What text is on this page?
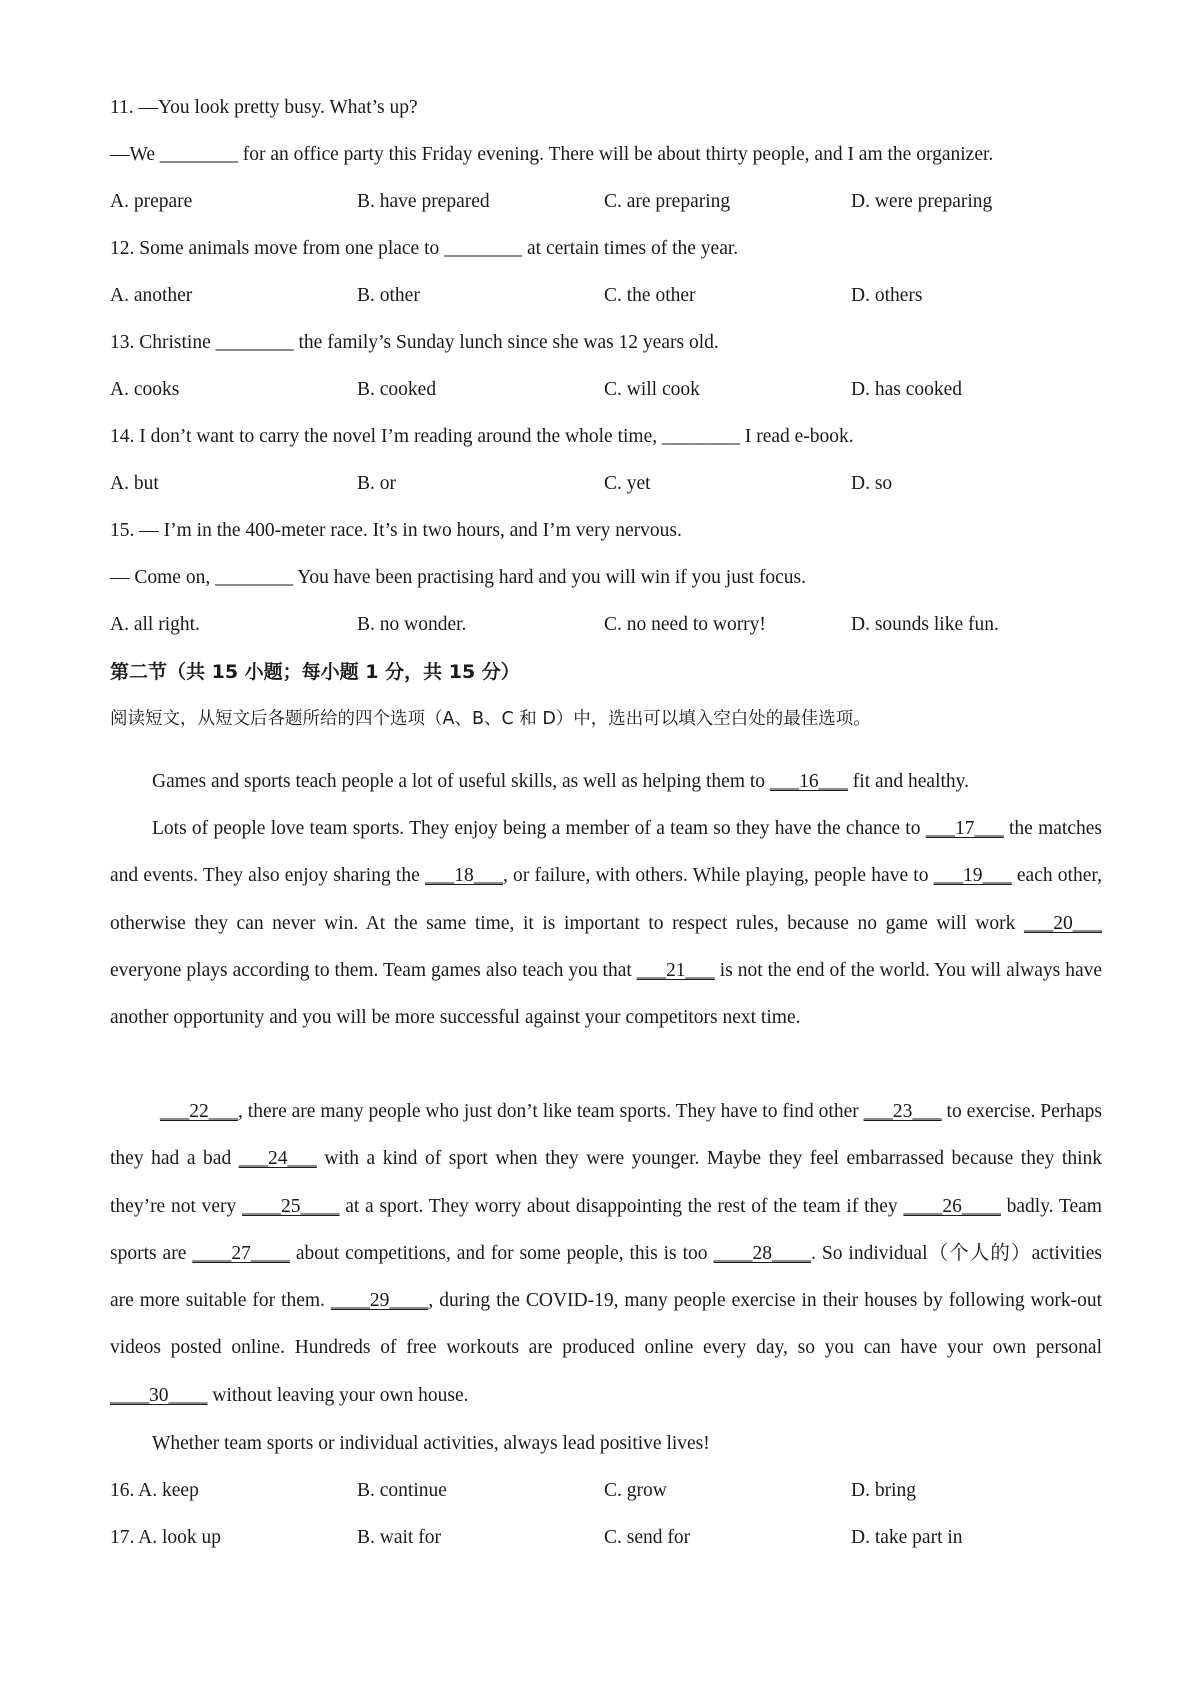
11. —You look pretty busy. What’s up?
—We ________ for an office party this Friday evening. There will be about thirty people, and I am the organizer.
A. prepare	B. have prepared	C. are preparing	D. were preparing
12. Some animals move from one place to ________ at certain times of the year.
A. another	B. other	C. the other	D. others
13. Christine ________ the family’s Sunday lunch since she was 12 years old.
A. cooks	B. cooked	C. will cook	D. has cooked
14. I don’t want to carry the novel I’m reading around the whole time, ________ I read e-book.
A. but	B. or	C. yet	D. so
15. — I’m in the 400-meter race. It’s in two hours, and I’m very nervous.
— Come on, ________ You have been practising hard and you will win if you just focus.
A. all right.	B. no wonder.	C. no need to worry!	D. sounds like fun.
第二节（共 15 小题；每小题 1 分，共 15 分）
阅读短文，从短文后各题所给的四个选项（A、B、C 和 D）中，选出可以填入空白处的最佳选项。
Games and sports teach people a lot of useful skills, as well as helping them to ___16___ fit and healthy.
Lots of people love team sports. They enjoy being a member of a team so they have the chance to ___17___ the matches and events. They also enjoy sharing the ___18___, or failure, with others. While playing, people have to ___19___ each other, otherwise they can never win. At the same time, it is important to respect rules, because no game will work ___20___ everyone plays according to them. Team games also teach you that ___21___ is not the end of the world. You will always have another opportunity and you will be more successful against your competitors next time.
___22___, there are many people who just don’t like team sports. They have to find other ___23___ to exercise. Perhaps they had a bad ___24___ with a kind of sport when they were younger. Maybe they feel embarrassed because they think they’re not very ____25____ at a sport. They worry about disappointing the rest of the team if they ____26____ badly. Team sports are ____27____ about competitions, and for some people, this is too ____28____. So individual（个人的）activities are more suitable for them. ____29____, during the COVID-19, many people exercise in their houses by following work-out videos posted online. Hundreds of free workouts are produced online every day, so you can have your own personal ____30____ without leaving your own house.
Whether team sports or individual activities, always lead positive lives!
16. A. keep	B. continue	C. grow	D. bring
17. A. look up	B. wait for	C. send for	D. take part in
